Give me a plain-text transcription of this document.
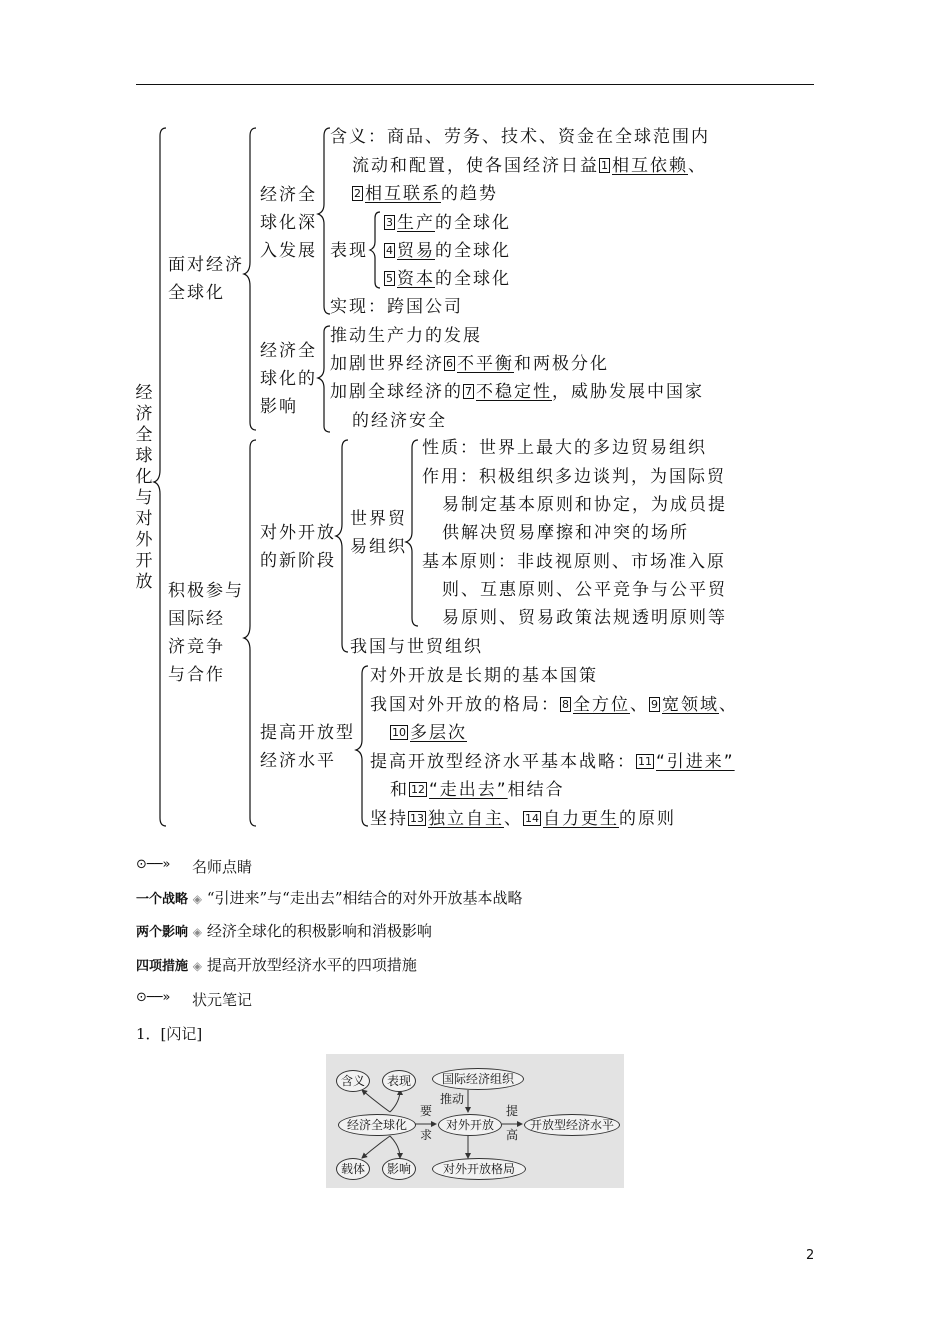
经济全球化与对外开放
面对经济
全球化
经济全
球化深
入发展
含义：商品、劳务、技术、资金在全球范围内
流动和配置，使各国经济日益 1 相互依赖、
2 相互联系的趋势
表现
3 生产的全球化
4 贸易的全球化
5 资本的全球化
实现：跨国公司
经济全
球化的
影响
推动生产力的发展
加剧世界经济 6 不平衡和两极分化
加剧全球经济的 7 不稳定性，威胁发展中国家
的经济安全
积极参与
国际经
济竞争
与合作
对外开放
的新阶段
世界贸
易组织
性质：世界上最大的多边贸易组织
作用：积极组织多边谈判，为国际贸
易制定基本原则和协定，为成员提
供解决贸易摩擦和冲突的场所
基本原则：非歧视原则、市场准入原
则、互惠原则、公平竞争与公平贸
易原则、贸易政策法规透明原则等
我国与世贸组织
提高开放型
经济水平
对外开放是长期的基本国策
我国对外开放的格局： 8 全方位、 9 宽领域、
10 多层次
提高开放型经济水平基本战略： 11 “引进来”
和 12 “走出去”相结合
坚持 13 独立自主、 14 自力更生的原则
⊙──» 名师点睛
一个战略 ◈ “引进来”与“走出去”相结合的对外开放基本战略
两个影响 ◈ 经济全球化的积极影响和消极影响
四项措施 ◈ 提高开放型经济水平的四项措施
⊙──» 状元笔记
1．[闪记]
含义	表现	国际经济组织
经济全球化	对外开放	开放型经济水平
载体	影响	对外开放格局
推动
要
求
提
高
2
